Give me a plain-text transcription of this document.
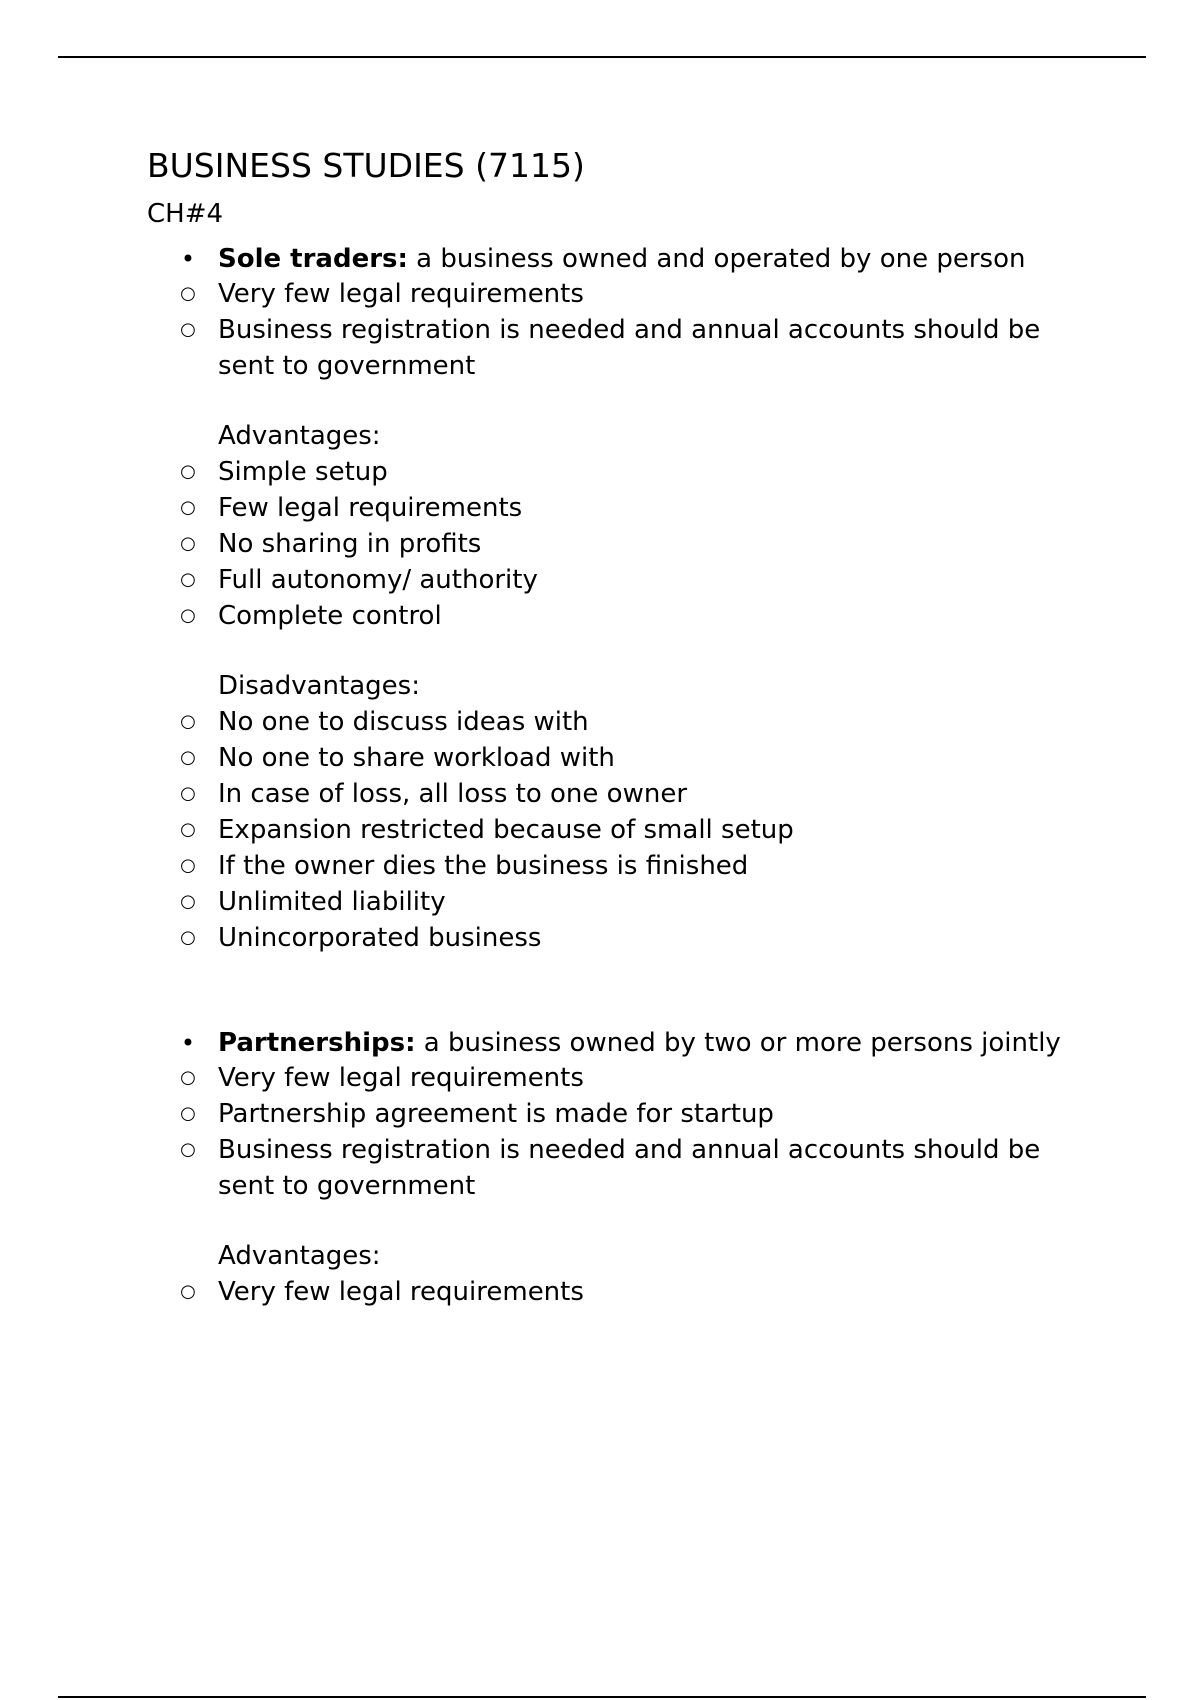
BUSINESS STUDIES (7115)
CH#4
• Sole traders: a business owned and operated by one person
○ Very few legal requirements
○ Business registration is needed and annual accounts should be sent to government
Advantages:
○ Simple setup
○ Few legal requirements
○ No sharing in profits
○ Full autonomy/ authority
○ Complete control
Disadvantages:
○ No one to discuss ideas with
○ No one to share workload with
○ In case of loss, all loss to one owner
○ Expansion restricted because of small setup
○ If the owner dies the business is finished
○ Unlimited liability
○ Unincorporated business
• Partnerships: a business owned by two or more persons jointly
○ Very few legal requirements
○ Partnership agreement is made for startup
○ Business registration is needed and annual accounts should be sent to government
Advantages:
○ Very few legal requirements
